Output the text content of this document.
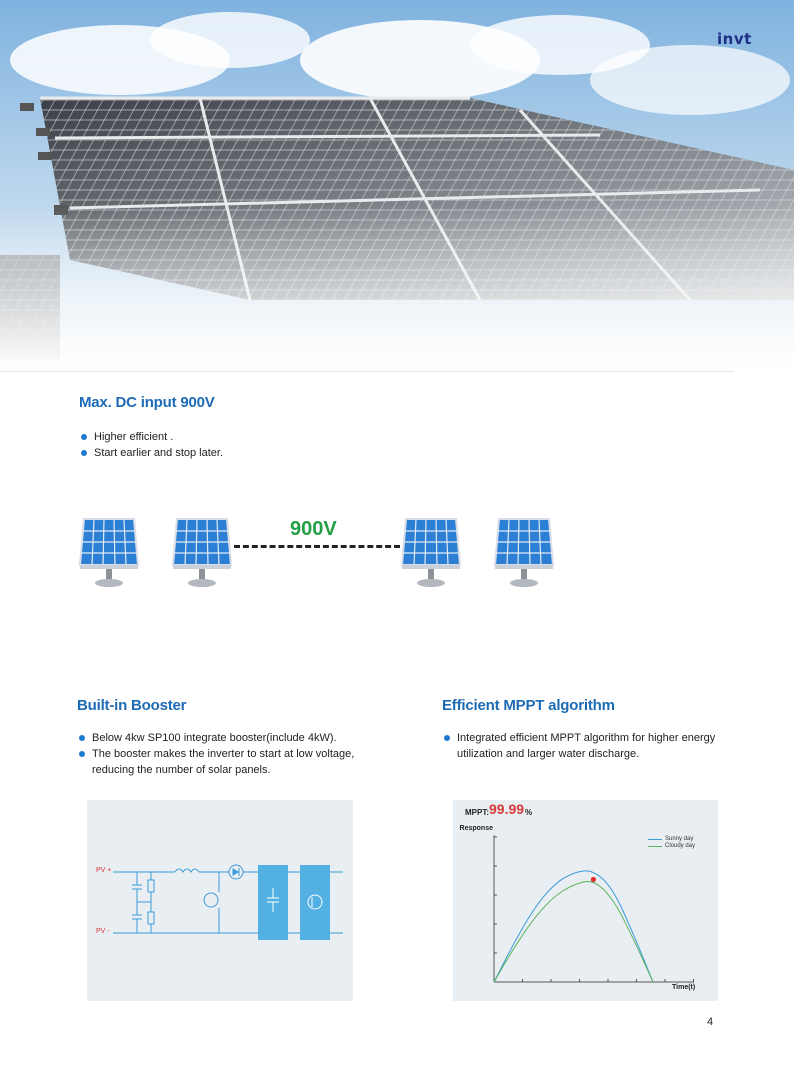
invt
Max. DC input 900V
Higher efficient .
Start earlier and stop later.
900V
Built-in Booster
Below 4kw SP100 integrate booster(include 4kW).
The booster makes the inverter to start at low voltage, reducing the number of solar panels.
PV +
PV -
Efficient MPPT algorithm
Integrated efficient MPPT algorithm for higher energy utilization and larger water discharge.
MPPT: 99.99 %
Response
Time(t)
Sunny day
Cloudy day
4
